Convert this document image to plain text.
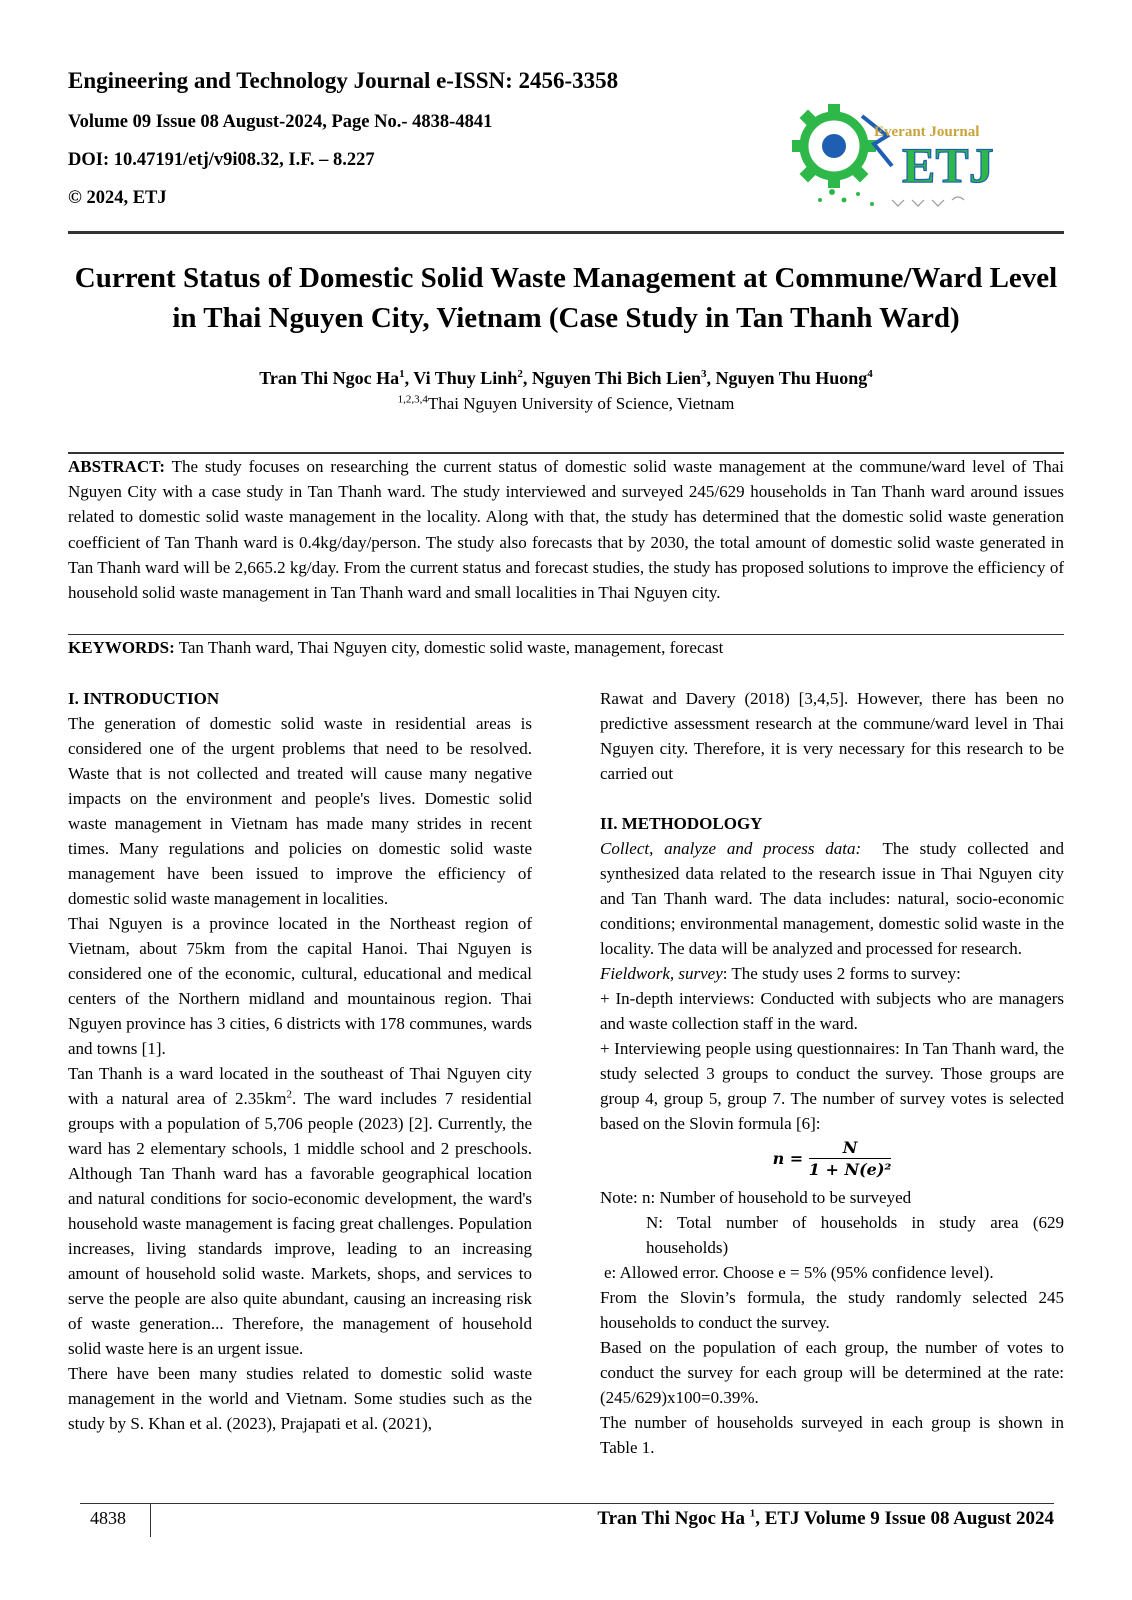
Engineering and Technology Journal e-ISSN: 2456-3358
Volume 09 Issue 08 August-2024, Page No.- 4838-4841
DOI: 10.47191/etj/v9i08.32, I.F. – 8.227
© 2024, ETJ
Everant Journal
ETJ
Current Status of Domestic Solid Waste Management at Commune/Ward Level in Thai Nguyen City, Vietnam (Case Study in Tan Thanh Ward)
Tran Thi Ngoc Ha$^1$, Vi Thuy Linh$^2$, Nguyen Thi Bich Lien$^3$, Nguyen Thu Huong$^4$
$^{1,2,3,4}$Thai Nguyen University of Science, Vietnam
ABSTRACT: The study focuses on researching the current status of domestic solid waste management at the commune/ward level of Thai Nguyen City with a case study in Tan Thanh ward. The study interviewed and surveyed 245/629 households in Tan Thanh ward around issues related to domestic solid waste management in the locality. Along with that, the study has determined that the domestic solid waste generation coefficient of Tan Thanh ward is 0.4kg/day/person. The study also forecasts that by 2030, the total amount of domestic solid waste generated in Tan Thanh ward will be 2,665.2 kg/day. From the current status and forecast studies, the study has proposed solutions to improve the efficiency of household solid waste management in Tan Thanh ward and small localities in Thai Nguyen city.
KEYWORDS: Tan Thanh ward, Thai Nguyen city, domestic solid waste, management, forecast

I. INTRODUCTION

The generation of domestic solid waste in residential areas is considered one of the urgent problems that need to be resolved. Waste that is not collected and treated will cause many negative impacts on the environment and people's lives. Domestic solid waste management in Vietnam has made many strides in recent times. Many regulations and policies on domestic solid waste management have been issued to improve the efficiency of domestic solid waste management in localities.

Thai Nguyen is a province located in the Northeast region of Vietnam, about 75km from the capital Hanoi. Thai Nguyen is considered one of the economic, cultural, educational and medical centers of the Northern midland and mountainous region. Thai Nguyen province has 3 cities, 6 districts with 178 communes, wards and towns [1].

Tan Thanh is a ward located in the southeast of Thai Nguyen city with a natural area of $2.35km^2$. The ward includes 7 residential groups with a population of 5,706 people (2023) [2]. Currently, the ward has 2 elementary schools, 1 middle school and 2 preschools. Although Tan Thanh ward has a favorable geographical location and natural conditions for socio-economic development, the ward's household waste management is facing great challenges. Population increases, living standards improve, leading to an increasing amount of household solid waste. Markets, shops, and services to serve the people are also quite abundant, causing an increasing risk of waste generation... Therefore, the management of household solid waste here is an urgent issue.

There have been many studies related to domestic solid waste management in the world and Vietnam. Some studies such as the study by S. Khan et al. (2023), Prajapati et al. (2021),

Rawat and Davery (2018) [3,4,5]. However, there has been no predictive assessment research at the commune/ward level in Thai Nguyen city. Therefore, it is very necessary for this research to be carried out

II. METHODOLOGY

Collect, analyze and process data: The study collected and synthesized data related to the research issue in Thai Nguyen city and Tan Thanh ward. The data includes: natural, socio-economic conditions; environmental management, domestic solid waste in the locality. The data will be analyzed and processed for research.

Fieldwork, survey: The study uses 2 forms to survey:

+ In-depth interviews: Conducted with subjects who are managers and waste collection staff in the ward.

+ Interviewing people using questionnaires: In Tan Thanh ward, the study selected 3 groups to conduct the survey. Those groups are group 4, group 5, group 7. The number of survey votes is selected based on the Slovin formula [6]:

$n = \frac{N}{\text{1 + N(e)²}}$

Note: n: Number of household to be surveyed

N: Total number of households in study area (629 households)

e: Allowed error. Choose e = 5% (95% confidence level).

From the Slovin’s formula, the study randomly selected 245 households to conduct the survey.

Based on the population of each group, the number of votes to conduct the survey for each group will be determined at the rate: (245/629)x100=0.39%.

The number of households surveyed in each group is shown in Table 1.

4838	Tran Thi Ngoc Ha $^1$, ETJ Volume 9 Issue 08 August 2024
